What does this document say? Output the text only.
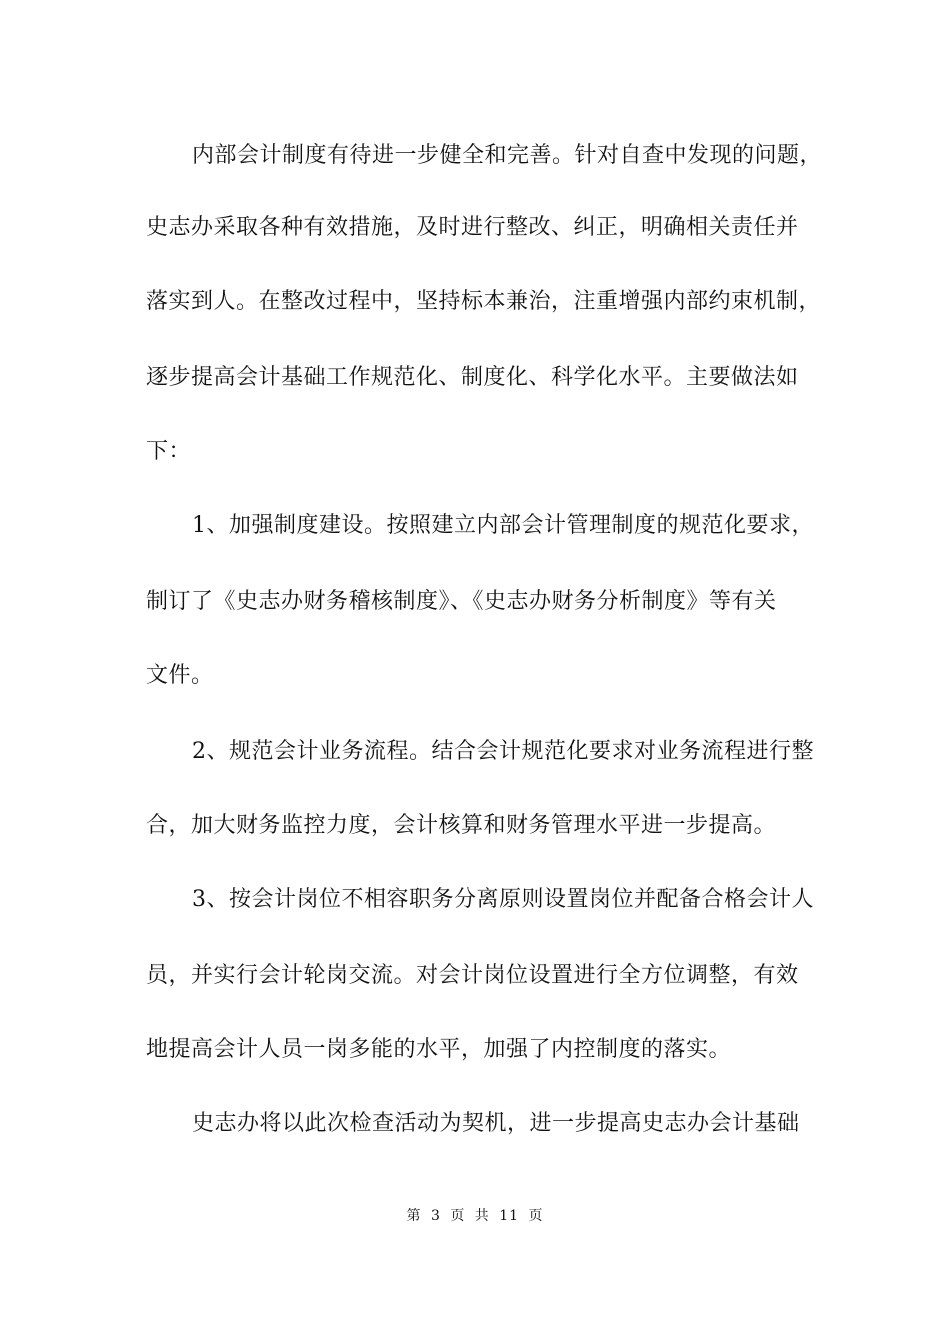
内部会计制度有待进一步健全和完善。针对自查中发现的问题，
史志办采取各种有效措施，及时进行整改、纠正，明确相关责任并
落实到人。在整改过程中，坚持标本兼治，注重增强内部约束机制，
逐步提高会计基础工作规范化、制度化、科学化水平。主要做法如
下：
1、加强制度建设。按照建立内部会计管理制度的规范化要求，
制订了《史志办财务稽核制度》、《史志办财务分析制度》等有关
文件。
2、规范会计业务流程。结合会计规范化要求对业务流程进行整
合，加大财务监控力度，会计核算和财务管理水平进一步提高。
3、按会计岗位不相容职务分离原则设置岗位并配备合格会计人
员，并实行会计轮岗交流。对会计岗位设置进行全方位调整，有效
地提高会计人员一岗多能的水平，加强了内控制度的落实。
史志办将以此次检查活动为契机，进一步提高史志办会计基础
第 3 页 共 11 页
